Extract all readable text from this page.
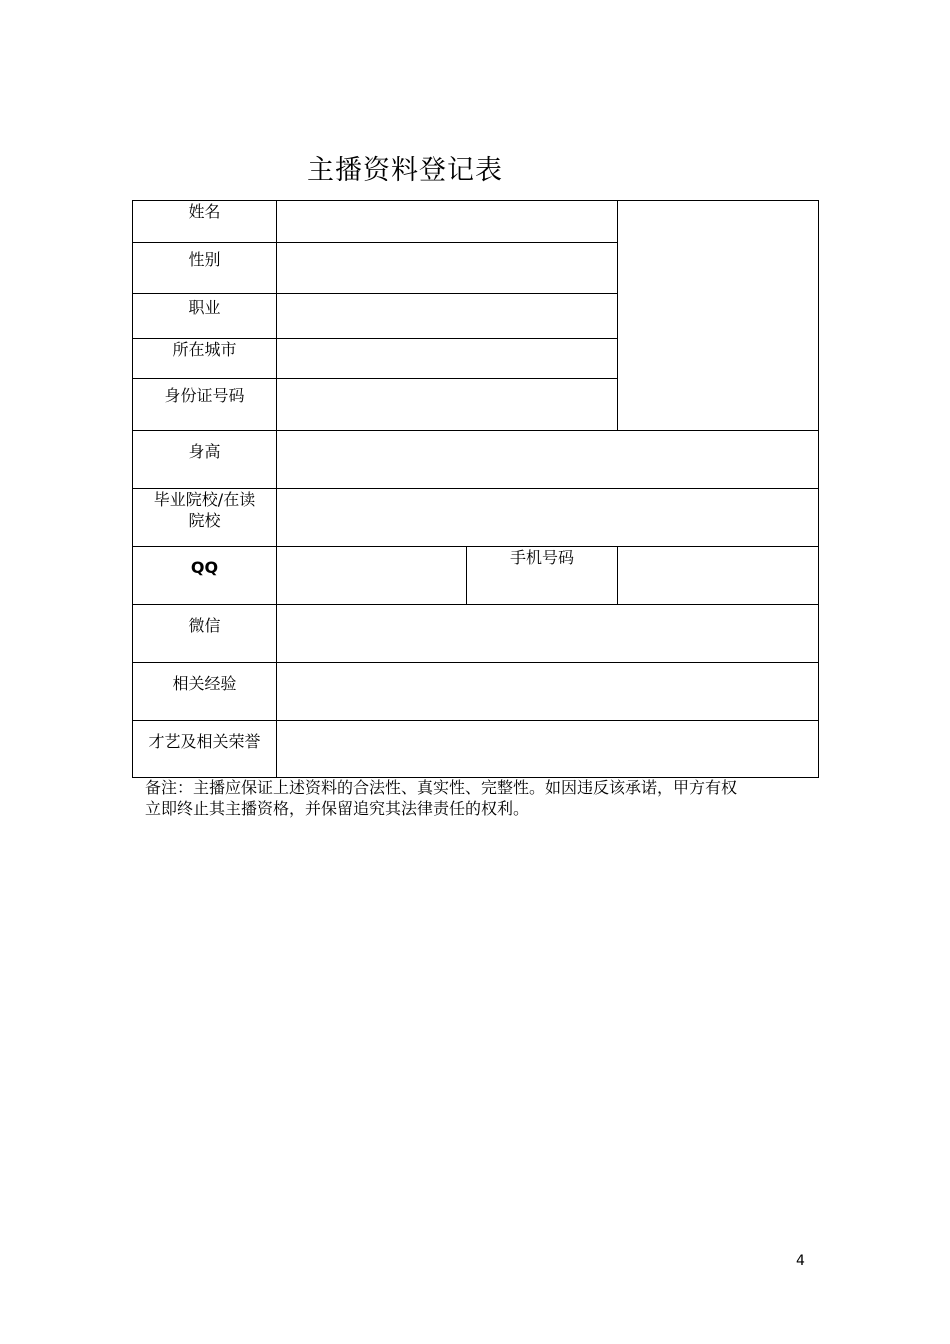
主播资料登记表
姓名			
性别			
职业			
所在城市			
身份证号码			
身高			

毕业院校/在读
院校			

QQ		手机号码	
微信			
相关经验			
才艺及相关荣誉			
备注：主播应保证上述资料的合法性、真实性、完整性。如因违反该承诺，甲方有权
立即终止其主播资格，并保留追究其法律责任的权利。
4
